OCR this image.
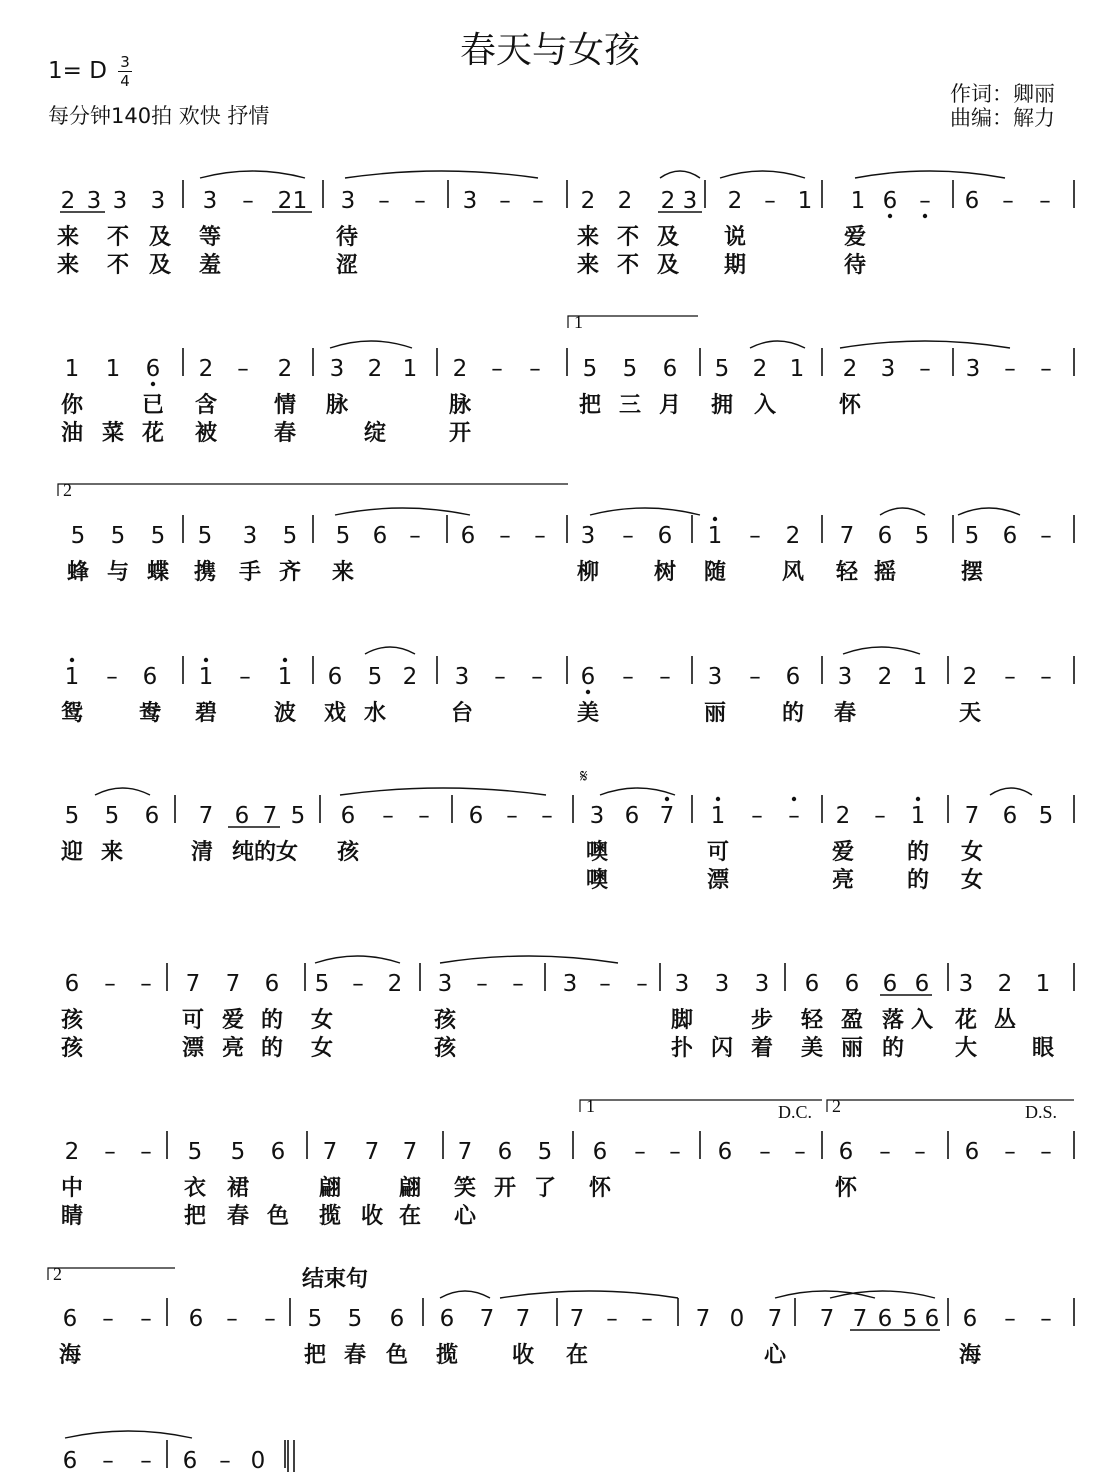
春天与女孩
1= D 3
4
每分钟140拍 欢快 抒情
作词：卿丽
曲编：解力
2 3 3 3 3 – 2 1 3 – – 3 – – 2 2 2 3 2 – 1 1 6 – 6 – –
来 不 及 等	待	来 不 及 说	爱
来 不 及 羞	涩	来 不 及 期	待
1 1 6 2 – 2 3 2 1 2 – – 5 5 6 5 2 1 2 3 – 3 – –
你	已 含	情 脉	脉	把 三 月 拥 入	怀
油 菜 花 被	春	绽	开
5 5 5 5 3 5 5 6 – 6 – – 3 – 6 1 – 2 7 6 5 5 6 –
蜂 与 蝶 携 手 齐 来	柳 树 随	风 轻 摇	摆
1 – 6 1 – 1 6 5 2 3 – – 6 – – 3 – 6 3 2 1 2 – –
鸳	鸯 碧	波 戏 水	台	美	丽	的 春	天
5 5 6 7 6 7 5 6 – – 6 – – 3 6 7 1 – – 2 – 1 7 6 5
迎 来	清 纯的女 孩	噢	可	爱 的 女
噢	漂	亮 的 女
6 – – 7 7 6 5 – 2 3 – – 3 – – 3 3 3 6 6 6 6 3 2 1
孩	可 爱 的 女	孩	脚	步 轻 盈 落 入 花 丛
孩	漂 亮 的 女	孩	扑 闪 着 美 丽 的 大 眼
2 – – 5 5 6 7 7 7 7 6 5 6 – – 6 – – 6 – – 6 – –
中	衣 裙	翩	翩 笑 开 了 怀	怀
睛	把 春 色 揽 收 在 心
6 – – 6 – – 5 5 6 6 7 7 7 – – 7 0 7 7 7 6 5 6 6 – –
海	把 春 色 揽 收 在	心	海
6 – – 6 – 0
1
2
1	D.C. 2	D.S.
2
𝄋
结束句
